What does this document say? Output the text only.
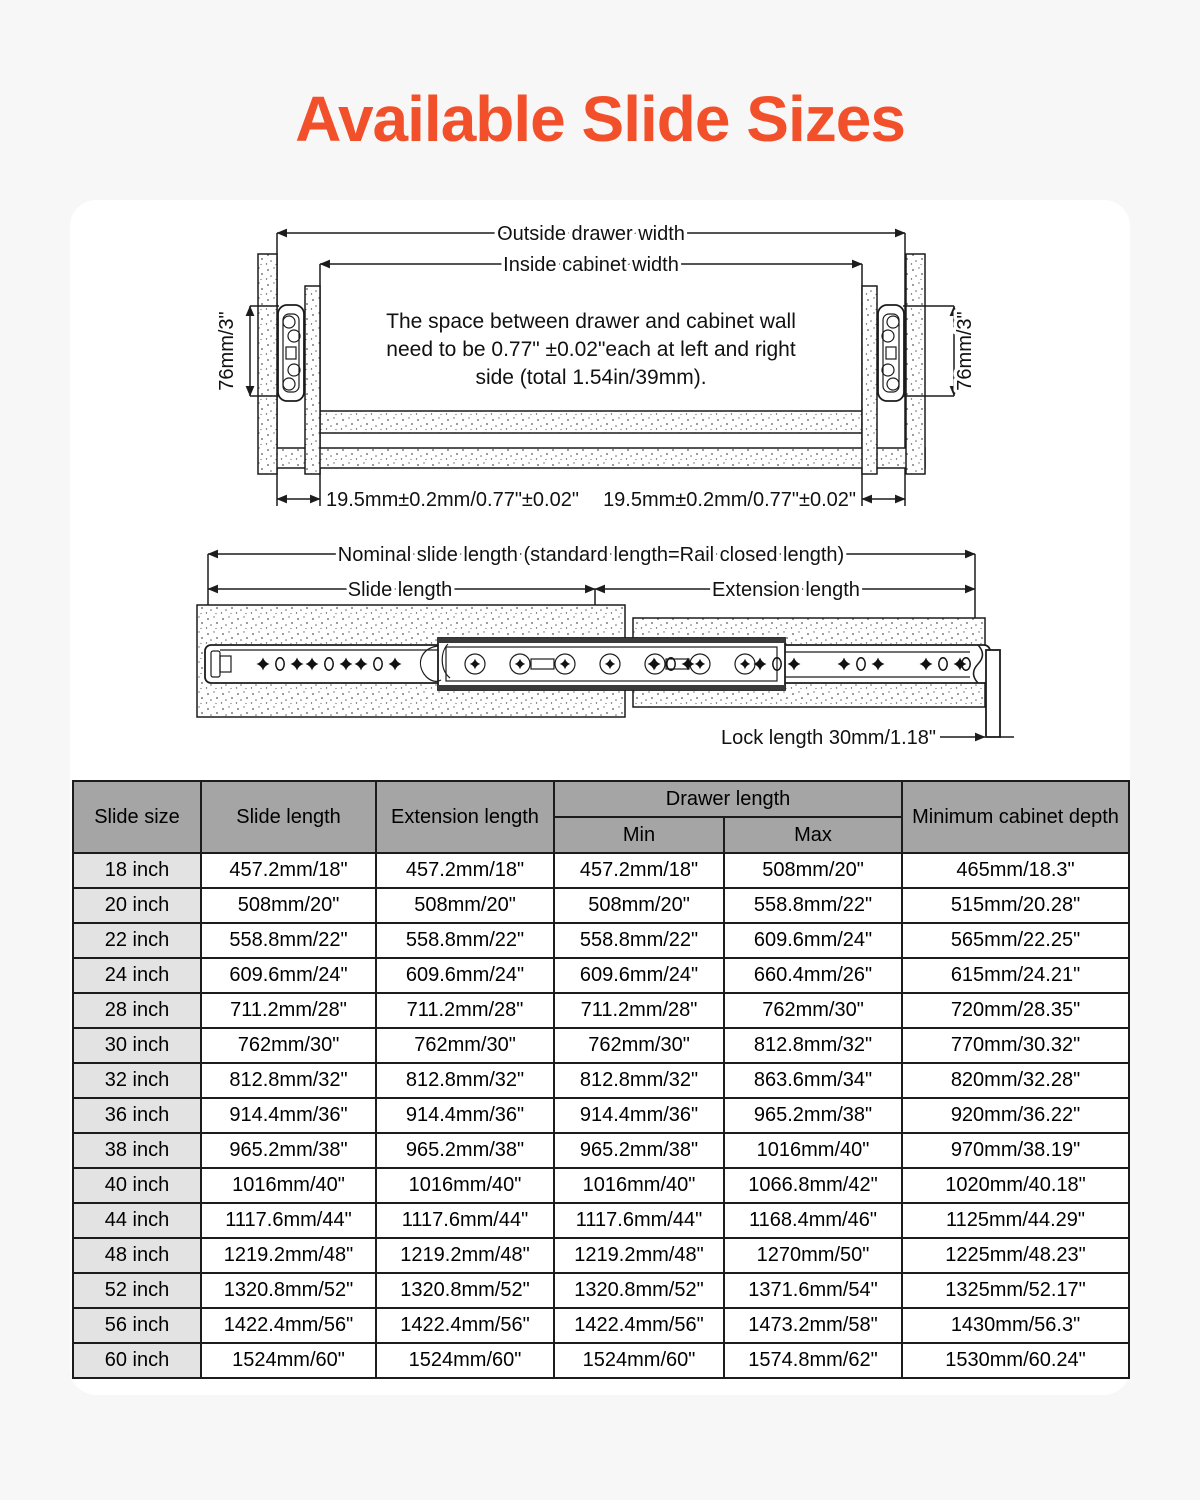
Available Slide Sizes
Outside drawer width
Inside cabinet width
76mm/3"	76mm/3"
The space between drawer and cabinet wall
need to be 0.77" ±0.02"each at left and right
side (total 1.54in/39mm).
19.5mm±0.2mm/0.77"±0.02" 19.5mm±0.2mm/0.77"±0.02"
Nominal slide length (standard length=Rail closed length)
Slide length	Extension length
Lock length 30mm/1.18"
Slide size	Slide length	Extension length	Drawer length		Minimum cabinet depth
			Min	Max	
18 inch	457.2mm/18"	457.2mm/18"	457.2mm/18"	508mm/20"	465mm/18.3"
20 inch	508mm/20"	508mm/20"	508mm/20"	558.8mm/22"	515mm/20.28"
22 inch	558.8mm/22"	558.8mm/22"	558.8mm/22"	609.6mm/24"	565mm/22.25"
24 inch	609.6mm/24"	609.6mm/24"	609.6mm/24"	660.4mm/26"	615mm/24.21"
28 inch	711.2mm/28"	711.2mm/28"	711.2mm/28"	762mm/30"	720mm/28.35"
30 inch	762mm/30"	762mm/30"	762mm/30"	812.8mm/32"	770mm/30.32"
32 inch	812.8mm/32"	812.8mm/32"	812.8mm/32"	863.6mm/34"	820mm/32.28"
36 inch	914.4mm/36"	914.4mm/36"	914.4mm/36"	965.2mm/38"	920mm/36.22"
38 inch	965.2mm/38"	965.2mm/38"	965.2mm/38"	1016mm/40"	970mm/38.19"
40 inch	1016mm/40"	1016mm/40"	1016mm/40"	1066.8mm/42"	1020mm/40.18"
44 inch	1117.6mm/44"	1117.6mm/44"	1117.6mm/44"	1168.4mm/46"	1125mm/44.29"
48 inch	1219.2mm/48"	1219.2mm/48"	1219.2mm/48"	1270mm/50"	1225mm/48.23"
52 inch	1320.8mm/52"	1320.8mm/52"	1320.8mm/52"	1371.6mm/54"	1325mm/52.17"
56 inch	1422.4mm/56"	1422.4mm/56"	1422.4mm/56"	1473.2mm/58"	1430mm/56.3"
60 inch	1524mm/60"	1524mm/60"	1524mm/60"	1574.8mm/62"	1530mm/60.24"
